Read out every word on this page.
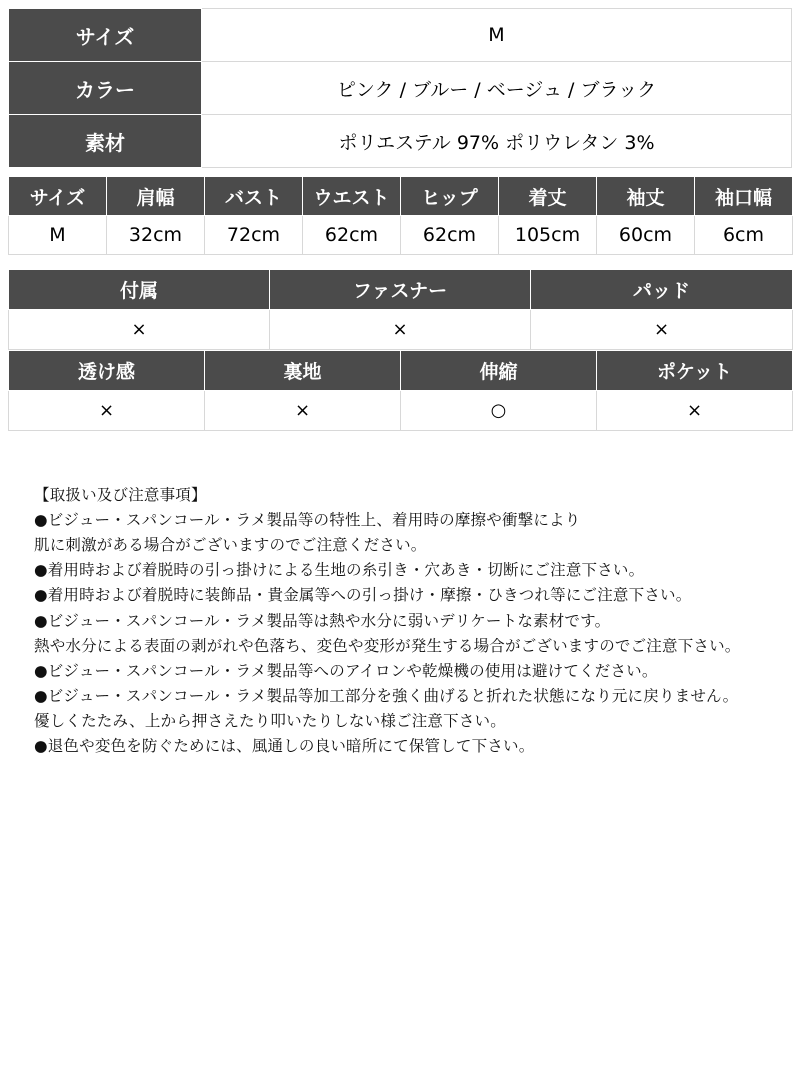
サイズ	M
カラー	ピンク / ブルー / ベージュ / ブラック
素材	ポリエステル 97% ポリウレタン 3%
サイズ	肩幅	バスト	ウエスト	ヒップ	着丈	袖丈	袖口幅
M	32cm	72cm	62cm	62cm	105cm	60cm	6cm
付属	ファスナー	パッド
×	×	×
透け感	裏地	伸縮	ポケット
×	×	○	×
【取扱い及び注意事項】
●ビジュー・スパンコール・ラメ製品等の特性上、着用時の摩擦や衝撃により
肌に刺激がある場合がございますのでご注意ください。
●着用時および着脱時の引っ掛けによる生地の糸引き・穴あき・切断にご注意下さい。
●着用時および着脱時に装飾品・貴金属等への引っ掛け・摩擦・ひきつれ等にご注意下さい。
●ビジュー・スパンコール・ラメ製品等は熱や水分に弱いデリケートな素材です。
熱や水分による表面の剥がれや色落ち、変色や変形が発生する場合がございますのでご注意下さい。
●ビジュー・スパンコール・ラメ製品等へのアイロンや乾燥機の使用は避けてください。
●ビジュー・スパンコール・ラメ製品等加工部分を強く曲げると折れた状態になり元に戻りません。
優しくたたみ、上から押さえたり叩いたりしない様ご注意下さい。
●退色や変色を防ぐためには、風通しの良い暗所にて保管して下さい。
